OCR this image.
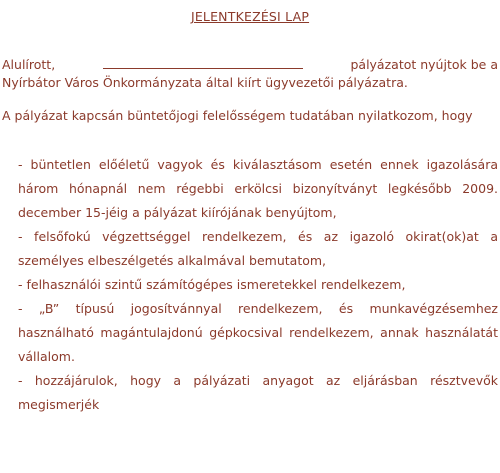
JELENTKEZÉSI LAP
Alulírott,	pályázatot nyújtok be a
Nyírbátor Város Önkormányzata által kiírt ügyvezetői pályázatra.
A pályázat kapcsán büntetőjogi felelősségem tudatában nyilatkozom, hogy
- büntetlen előéletű vagyok és kiválasztásom esetén ennek igazolására három hónapnál nem régebbi erkölcsi bizonyítványt legkésőbb 2009. december 15-jéig a pályázat kiírójának benyújtom,
- felsőfokú végzettséggel rendelkezem, és az igazoló okirat(ok)at a személyes elbeszélgetés alkalmával bemutatom,
- felhasználói szintű számítógépes ismeretekkel rendelkezem,
- „B” típusú jogosítvánnyal rendelkezem, és munkavégzésemhez használható magántulajdonú gépkocsival rendelkezem, annak használatát vállalom.
- hozzájárulok, hogy a pályázati anyagot az eljárásban résztvevők megismerjék
